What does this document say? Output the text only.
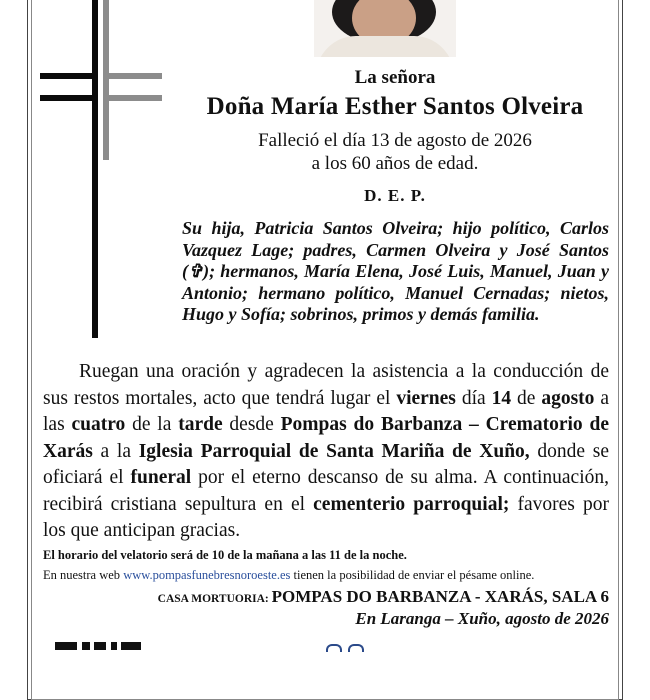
La señora
Doña María Esther Santos Olveira
Falleció el día 13 de agosto de 2026
a los 60 años de edad.
D. E. P.
Su hija, Patricia Santos Olveira; hijo político, Carlos Vazquez Lage; padres, Carmen Olveira y José Santos (✞); hermanos, María Elena, José Luis, Manuel, Juan y Antonio; hermano político, Manuel Cernadas; nietos, Hugo y Sofía; sobrinos, primos y demás familia.
Ruegan una oración y agradecen la asistencia a la conducción de sus restos mortales, acto que tendrá lugar el viernes día 14 de agosto a las cuatro de la tarde desde Pompas do Barbanza – Crematorio de Xarás a la Iglesia Parroquial de Santa Mariña de Xuño, donde se oficiará el funeral por el eterno descanso de su alma. A continuación, recibirá cristiana sepultura en el cementerio parroquial; favores por los que anticipan gracias.
El horario del velatorio será de 10 de la mañana a las 11 de la noche.
En nuestra web www.pompasfunebresnoroeste.es tienen la posibilidad de enviar el pésame online.
CASA MORTUORIA: POMPAS DO BARBANZA - XARÁS, SALA 6
En Laranga – Xuño, agosto de 2026
